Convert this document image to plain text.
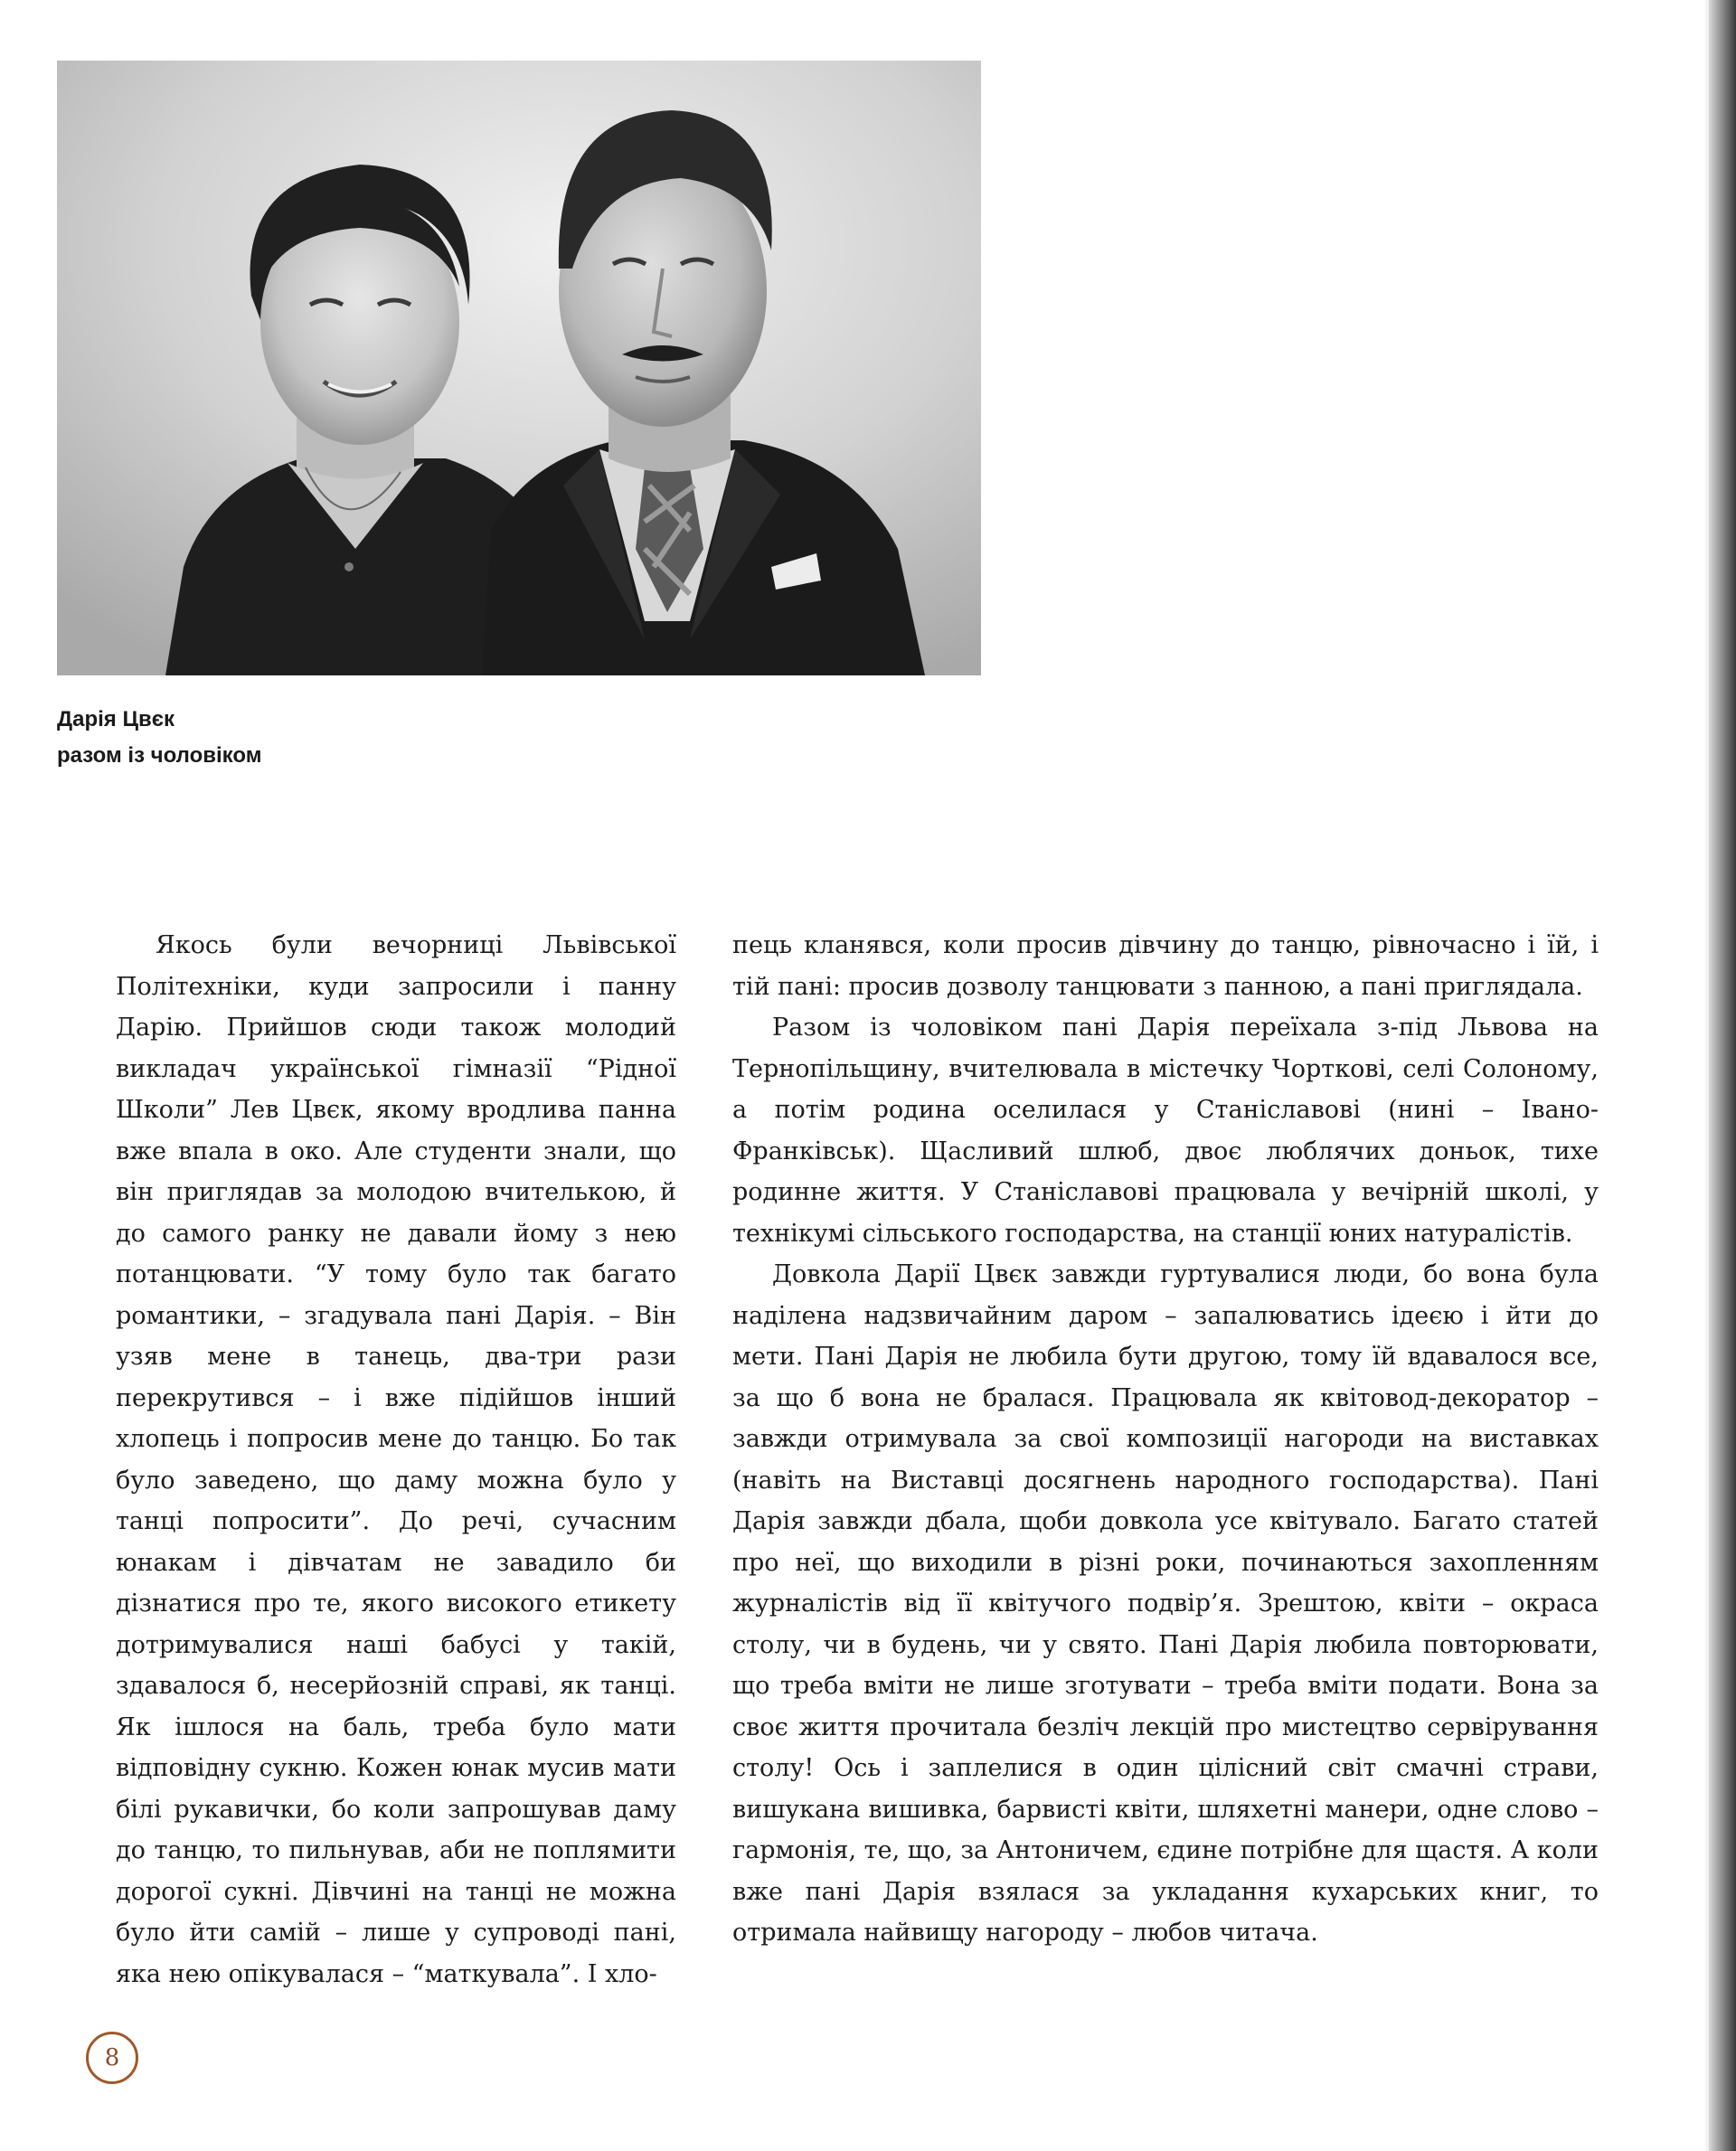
Дарія Цвєк
разом із чоловіком

Якось були вечорниці Львівської Політехніки, куди запросили і панну Дарію. Прийшов сюди також молодий викладач української гімназії “Рідної Школи” Лев Цвєк, якому вродлива панна вже впала в око. Але студенти знали, що він приглядав за молодою вчителькою, й до самого ранку не давали йому з нею потанцювати. “У тому було так багато романтики, – згадувала пані Дарія. – Він узяв мене в танець, два-три рази перекрутився – і вже підійшов інший хлопець і попросив мене до танцю. Бо так було заведено, що даму можна було у танці попросити”. До речі, сучасним юнакам і дівчатам не завадило би дізнатися про те, якого високого етикету дотримувалися наші бабусі у такій, здавалося б, несерйозній справі, як танці. Як ішлося на баль, треба було мати відповідну сукню. Кожен юнак мусив мати білі рукавички, бо коли запрошував даму до танцю, то пильнував, аби не поплямити дорогої сукні. Дівчині на танці не можна було йти самій – лише у супроводі пані, яка нею опікувалася – “маткувала”. І хло-

пець кланявся, коли просив дівчину до танцю, рівночасно і їй, і тій пані: просив дозволу танцювати з панною, а пані приглядала.

Разом із чоловіком пані Дарія переїхала з-під Львова на Тернопільщину, вчителювала в містечку Чорткові, селі Солоному, а потім родина оселилася у Станіславові (нині – Івано-Франківськ). Щасливий шлюб, двоє люблячих доньок, тихе родинне життя. У Станіславові працювала у вечірній школі, у технікумі сільського господарства, на станції юних натуралістів.

Довкола Дарії Цвєк завжди гуртувалися люди, бо вона була наділена надзвичайним даром – запалюватись ідеєю і йти до мети. Пані Дарія не любила бути другою, тому їй вдавалося все, за що б вона не бралася. Працювала як квітовод-декоратор – завжди отримувала за свої композиції нагороди на виставках (навіть на Виставці досягнень народного господарства). Пані Дарія завжди дбала, щоби довкола усе квітувало. Багато статей про неї, що виходили в різні роки, починаються захопленням журналістів від її квітучого подвір’я. Зрештою, квіти – окраса столу, чи в будень, чи у свято. Пані Дарія любила повторювати, що треба вміти не лише зготувати – треба вміти подати. Вона за своє життя прочитала безліч лекцій про мистецтво сервірування столу! Ось і заплелися в один цілісний світ смачні страви, вишукана вишивка, барвисті квіти, шляхетні манери, одне слово – гармонія, те, що, за Антоничем, єдине потрібне для щастя. А коли вже пані Дарія взялася за укладання кухарських книг, то отримала найвищу нагороду – любов читача.

8
